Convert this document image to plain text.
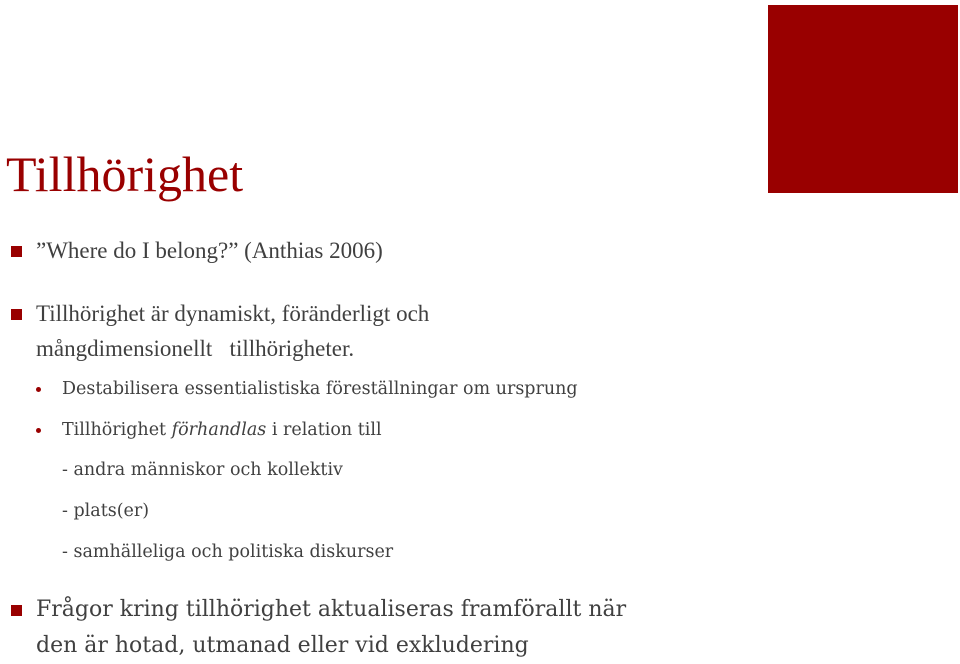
Tillhörighet
”Where do I belong?” (Anthias 2006)
Tillhörighet är dynamiskt, föränderligt och
mångdimensionellt   tillhörigheter.
Destabilisera essentialistiska föreställningar om ursprung
Tillhörighet förhandlas i relation till
- andra människor och kollektiv
- plats(er)
- samhälleliga och politiska diskurser
Frågor kring tillhörighet aktualiseras framförallt när
den är hotad, utmanad eller vid exkludering
